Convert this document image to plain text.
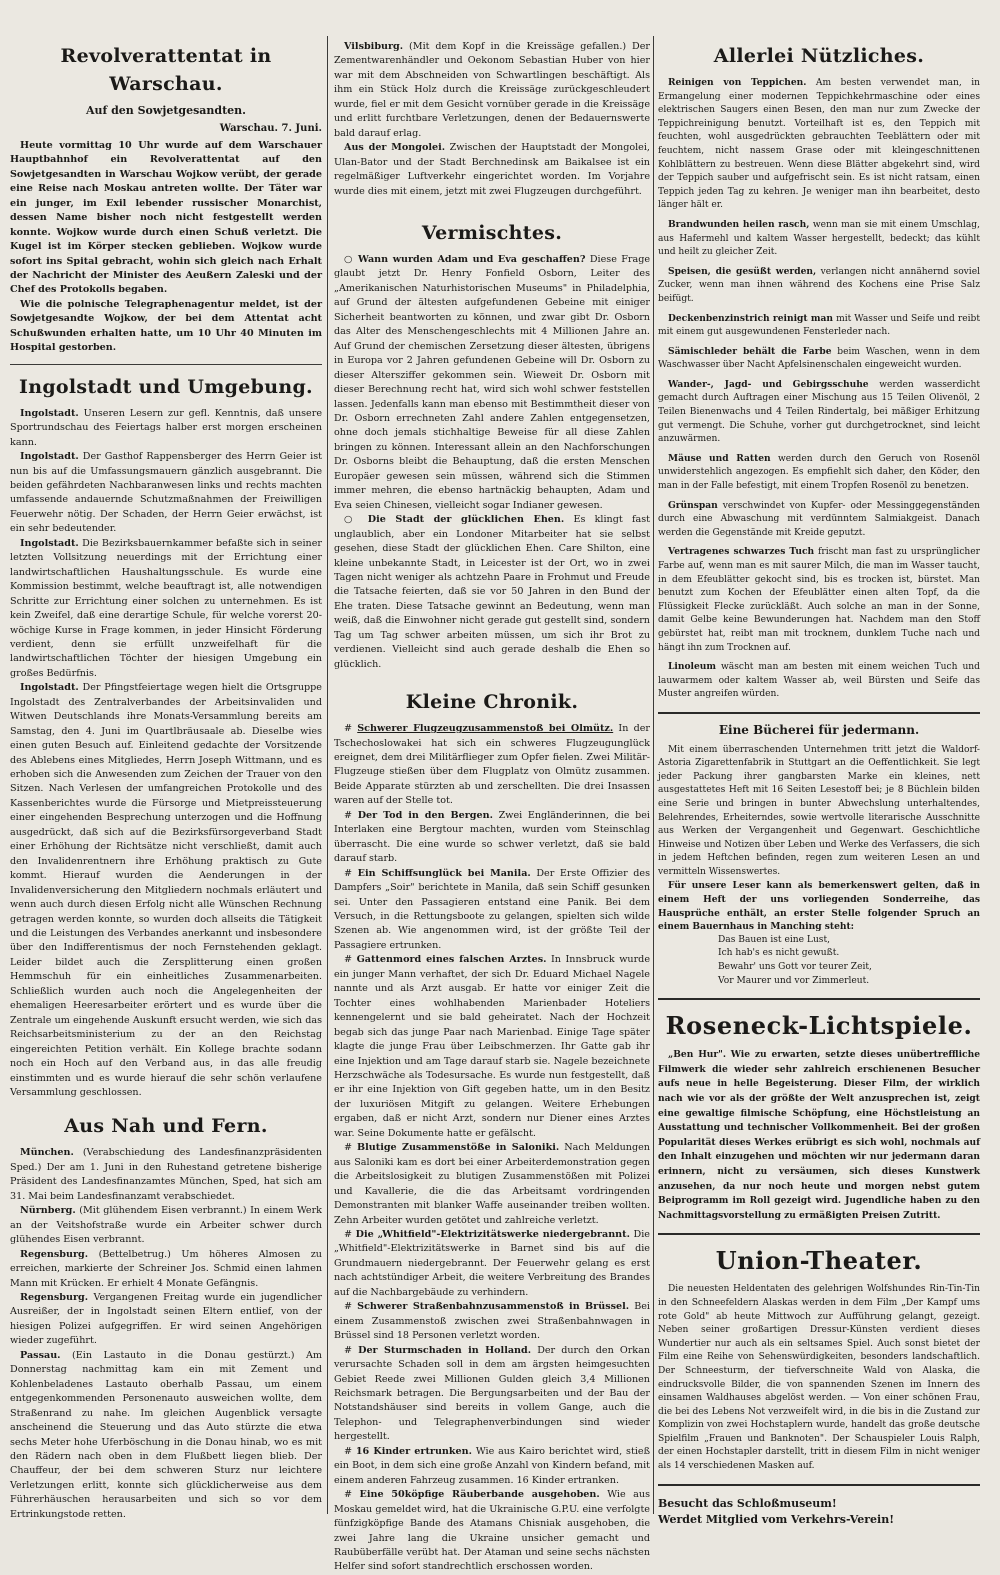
Revolverattentat in Warschau.
Auf den Sowjetgesandten.
Warschau. 7. Juni.

Heute vormittag 10 Uhr wurde auf dem Warschauer Hauptbahnhof ein Revolverattentat auf den Sowjetgesandten in Warschau Wojkow verübt, der gerade eine Reise nach Moskau antreten wollte. Der Täter war ein junger, im Exil lebender russischer Monarchist, dessen Name bisher noch nicht festgestellt werden konnte. Wojkow wurde durch einen Schuß verletzt. Die Kugel ist im Körper stecken geblieben. Wojkow wurde sofort ins Spital gebracht, wohin sich gleich nach Erhalt der Nachricht der Minister des Aeußern Zaleski und der Chef des Protokolls begaben.

Wie die polnische Telegraphenagentur meldet, ist der Sowjetgesandte Wojkow, der bei dem Attentat acht Schußwunden erhalten hatte, um 10 Uhr 40 Minuten im Hospital gestorben.

Ingolstadt und Umgebung.

Ingolstadt. Unseren Lesern zur gefl. Kenntnis, daß unsere Sportrundschau des Feiertags halber erst morgen erscheinen kann.

Ingolstadt. Der Gasthof Rappensberger des Herrn Geier ist nun bis auf die Umfassungsmauern gänzlich ausgebrannt. Die beiden gefährdeten Nachbaranwesen links und rechts machten umfassende andauernde Schutzmaßnahmen der Freiwilligen Feuerwehr nötig. Der Schaden, der Herrn Geier erwächst, ist ein sehr bedeutender.

Ingolstadt. Die Bezirksbauernkammer befaßte sich in seiner letzten Vollsitzung neuerdings mit der Errichtung einer landwirtschaftlichen Haushaltungsschule. Es wurde eine Kommission bestimmt, welche beauftragt ist, alle notwendigen Schritte zur Errichtung einer solchen zu unternehmen. Es ist kein Zweifel, daß eine derartige Schule, für welche vorerst 20-wöchige Kurse in Frage kommen, in jeder Hinsicht Förderung verdient, denn sie erfüllt unzweifelhaft für die landwirtschaftlichen Töchter der hiesigen Umgebung ein großes Bedürfnis.

Ingolstadt. Der Pfingstfeiertage wegen hielt die Ortsgruppe Ingolstadt des Zentralverbandes der Arbeitsinvaliden und Witwen Deutschlands ihre Monats-Versammlung bereits am Samstag, den 4. Juni im Quartlbräusaale ab. Dieselbe wies einen guten Besuch auf. Einleitend gedachte der Vorsitzende des Ablebens eines Mitgliedes, Herrn Joseph Wittmann, und es erhoben sich die Anwesenden zum Zeichen der Trauer von den Sitzen. Nach Verlesen der umfangreichen Protokolle und des Kassenberichtes wurde die Fürsorge und Mietpreissteuerung einer eingehenden Besprechung unterzogen und die Hoffnung ausgedrückt, daß sich auf die Bezirksfürsorgeverband Stadt einer Erhöhung der Richtsätze nicht verschließt, damit auch den Invalidenrentnern ihre Erhöhung praktisch zu Gute kommt. Hierauf wurden die Aenderungen in der Invalidenversicherung den Mitgliedern nochmals erläutert und wenn auch durch diesen Erfolg nicht alle Wünschen Rechnung getragen werden konnte, so wurden doch allseits die Tätigkeit und die Leistungen des Verbandes anerkannt und insbesondere über den Indifferentismus der noch Fernstehenden geklagt. Leider bildet auch die Zersplitterung einen großen Hemmschuh für ein einheitliches Zusammenarbeiten. Schließlich wurden auch noch die Angelegenheiten der ehemaligen Heeresarbeiter erörtert und es wurde über die Zentrale um eingehende Auskunft ersucht werden, wie sich das Reichsarbeitsministerium zu der an den Reichstag eingereichten Petition verhält. Ein Kollege brachte sodann noch ein Hoch auf den Verband aus, in das alle freudig einstimmten und es wurde hierauf die sehr schön verlaufene Versammlung geschlossen.

Aus Nah und Fern.

München. (Verabschiedung des Landesfinanzpräsidenten Sped.) Der am 1. Juni in den Ruhestand getretene bisherige Präsident des Landesfinanzamtes München, Sped, hat sich am 31. Mai beim Landesfinanzamt verabschiedet.

Nürnberg. (Mit glühendem Eisen verbrannt.) In einem Werk an der Veitshofstraße wurde ein Arbeiter schwer durch glühendes Eisen verbrannt.

Regensburg. (Bettelbetrug.) Um höheres Almosen zu erreichen, markierte der Schreiner Jos. Schmid einen lahmen Mann mit Krücken. Er erhielt 4 Monate Gefängnis.

Regensburg. Vergangenen Freitag wurde ein jugendlicher Ausreißer, der in Ingolstadt seinen Eltern entlief, von der hiesigen Polizei aufgegriffen. Er wird seinen Angehörigen wieder zugeführt.

Passau. (Ein Lastauto in die Donau gestürzt.) Am Donnerstag nachmittag kam ein mit Zement und Kohlenbeladenes Lastauto oberhalb Passau, um einem entgegenkommenden Personenauto ausweichen wollte, dem Straßenrand zu nahe. Im gleichen Augenblick versagte anscheinend die Steuerung und das Auto stürzte die etwa sechs Meter hohe Uferböschung in die Donau hinab, wo es mit den Rädern nach oben in dem Flußbett liegen blieb. Der Chauffeur, der bei dem schweren Sturz nur leichtere Verletzungen erlitt, konnte sich glücklicherweise aus dem Führerhäuschen herausarbeiten und sich so vor dem Ertrinkungstode retten.

Vilsbiburg. (Mit dem Kopf in die Kreissäge gefallen.) Der Zementwarenhändler und Oekonom Sebastian Huber von hier war mit dem Abschneiden von Schwartlingen beschäftigt. Als ihm ein Stück Holz durch die Kreissäge zurückgeschleudert wurde, fiel er mit dem Gesicht vornüber gerade in die Kreissäge und erlitt furchtbare Verletzungen, denen der Bedauernswerte bald darauf erlag.

Aus der Mongolei. Zwischen der Hauptstadt der Mongolei, Ulan-Bator und der Stadt Berchnedinsk am Baikalsee ist ein regelmäßiger Luftverkehr eingerichtet worden. Im Vorjahre wurde dies mit einem, jetzt mit zwei Flugzeugen durchgeführt.

Vermischtes.

○ Wann wurden Adam und Eva geschaffen? Diese Frage glaubt jetzt Dr. Henry Fonfield Osborn, Leiter des „Amerikanischen Naturhistorischen Museums" in Philadelphia, auf Grund der ältesten aufgefundenen Gebeine mit einiger Sicherheit beantworten zu können, und zwar gibt Dr. Osborn das Alter des Menschengeschlechts mit 4 Millionen Jahre an. Auf Grund der chemischen Zersetzung dieser ältesten, übrigens in Europa vor 2 Jahren gefundenen Gebeine will Dr. Osborn zu dieser Altersziffer gekommen sein. Wieweit Dr. Osborn mit dieser Berechnung recht hat, wird sich wohl schwer feststellen lassen. Jedenfalls kann man ebenso mit Bestimmtheit dieser von Dr. Osborn errechneten Zahl andere Zahlen entgegensetzen, ohne doch jemals stichhaltige Beweise für all diese Zahlen bringen zu können. Interessant allein an den Nachforschungen Dr. Osborns bleibt die Behauptung, daß die ersten Menschen Europäer gewesen sein müssen, während sich die Stimmen immer mehren, die ebenso hartnäckig behaupten, Adam und Eva seien Chinesen, vielleicht sogar Indianer gewesen.

○ Die Stadt der glücklichen Ehen. Es klingt fast unglaublich, aber ein Londoner Mitarbeiter hat sie selbst gesehen, diese Stadt der glücklichen Ehen. Care Shilton, eine kleine unbekannte Stadt, in Leicester ist der Ort, wo in zwei Tagen nicht weniger als achtzehn Paare in Frohmut und Freude die Tatsache feierten, daß sie vor 50 Jahren in den Bund der Ehe traten. Diese Tatsache gewinnt an Bedeutung, wenn man weiß, daß die Einwohner nicht gerade gut gestellt sind, sondern Tag um Tag schwer arbeiten müssen, um sich ihr Brot zu verdienen. Vielleicht sind auch gerade deshalb die Ehen so glücklich.

Kleine Chronik.

# Schwerer Flugzeugzusammenstoß bei Olmütz. In der Tschechoslowakei hat sich ein schweres Flugzeugunglück ereignet, dem drei Militärflieger zum Opfer fielen. Zwei Militär-Flugzeuge stießen über dem Flugplatz von Olmütz zusammen. Beide Apparate stürzten ab und zerschellten. Die drei Insassen waren auf der Stelle tot.

# Der Tod in den Bergen. Zwei Engländerinnen, die bei Interlaken eine Bergtour machten, wurden vom Steinschlag überrascht. Die eine wurde so schwer verletzt, daß sie bald darauf starb.

# Ein Schiffsunglück bei Manila. Der Erste Offizier des Dampfers „Soir" berichtete in Manila, daß sein Schiff gesunken sei. Unter den Passagieren entstand eine Panik. Bei dem Versuch, in die Rettungsboote zu gelangen, spielten sich wilde Szenen ab. Wie angenommen wird, ist der größte Teil der Passagiere ertrunken.

# Gattenmord eines falschen Arztes. In Innsbruck wurde ein junger Mann verhaftet, der sich Dr. Eduard Michael Nagele nannte und als Arzt ausgab. Er hatte vor einiger Zeit die Tochter eines wohlhabenden Marienbader Hoteliers kennengelernt und sie bald geheiratet. Nach der Hochzeit begab sich das junge Paar nach Marienbad. Einige Tage später klagte die junge Frau über Leibschmerzen. Ihr Gatte gab ihr eine Injektion und am Tage darauf starb sie. Nagele bezeichnete Herzschwäche als Todesursache. Es wurde nun festgestellt, daß er ihr eine Injektion von Gift gegeben hatte, um in den Besitz der luxuriösen Mitgift zu gelangen. Weitere Erhebungen ergaben, daß er nicht Arzt, sondern nur Diener eines Arztes war. Seine Dokumente hatte er gefälscht.

# Blutige Zusammenstöße in Saloniki. Nach Meldungen aus Saloniki kam es dort bei einer Arbeiterdemonstration gegen die Arbeitslosigkeit zu blutigen Zusammenstößen mit Polizei und Kavallerie, die die das Arbeitsamt vordringenden Demonstranten mit blanker Waffe auseinander treiben wollten. Zehn Arbeiter wurden getötet und zahlreiche verletzt.

# Die „Whitfield"-Elektrizitätswerke niedergebrannt. Die „Whitfield"-Elektrizitätswerke in Barnet sind bis auf die Grundmauern niedergebrannt. Der Feuerwehr gelang es erst nach achtstündiger Arbeit, die weitere Verbreitung des Brandes auf die Nachbargebäude zu verhindern.

# Schwerer Straßenbahnzusammenstoß in Brüssel. Bei einem Zusammenstoß zwischen zwei Straßenbahnwagen in Brüssel sind 18 Personen verletzt worden.

# Der Sturmschaden in Holland. Der durch den Orkan verursachte Schaden soll in dem am ärgsten heimgesuchten Gebiet Reede zwei Millionen Gulden gleich 3,4 Millionen Reichsmark betragen. Die Bergungsarbeiten und der Bau der Notstandshäuser sind bereits in vollem Gange, auch die Telephon- und Telegraphenverbindungen sind wieder hergestellt.

# 16 Kinder ertrunken. Wie aus Kairo berichtet wird, stieß ein Boot, in dem sich eine große Anzahl von Kindern befand, mit einem anderen Fahrzeug zusammen. 16 Kinder ertranken.

# Eine 50köpfige Räuberbande ausgehoben. Wie aus Moskau gemeldet wird, hat die Ukrainische G.P.U. eine verfolgte fünfzigköpfige Bande des Atamans Chisniak ausgehoben, die zwei Jahre lang die Ukraine unsicher gemacht und Raubüberfälle verübt hat. Der Ataman und seine sechs nächsten Helfer sind sofort standrechtlich erschossen worden.

Allerlei Nützliches.

Reinigen von Teppichen. Am besten verwendet man, in Ermangelung einer modernen Teppichkehrmaschine oder eines elektrischen Saugers einen Besen, den man nur zum Zwecke der Teppichreinigung benutzt. Vorteilhaft ist es, den Teppich mit feuchten, wohl ausgedrückten gebrauchten Teeblättern oder mit feuchtem, nicht nassem Grase oder mit kleingeschnittenen Kohlblättern zu bestreuen. Wenn diese Blätter abgekehrt sind, wird der Teppich sauber und aufgefrischt sein. Es ist nicht ratsam, einen Teppich jeden Tag zu kehren. Je weniger man ihn bearbeitet, desto länger hält er.

Brandwunden heilen rasch, wenn man sie mit einem Umschlag, aus Hafermehl und kaltem Wasser hergestellt, bedeckt; das kühlt und heilt zu gleicher Zeit.

Speisen, die gesüßt werden, verlangen nicht annähernd soviel Zucker, wenn man ihnen während des Kochens eine Prise Salz beifügt.

Deckenbenzinstrich reinigt man mit Wasser und Seife und reibt mit einem gut ausgewundenen Fensterleder nach.

Sämischleder behält die Farbe beim Waschen, wenn in dem Waschwasser über Nacht Apfelsinenschalen eingeweicht wurden.

Wander-, Jagd- und Gebirgsschuhe werden wasserdicht gemacht durch Auftragen einer Mischung aus 15 Teilen Olivenöl, 2 Teilen Bienenwachs und 4 Teilen Rindertalg, bei mäßiger Erhitzung gut vermengt. Die Schuhe, vorher gut durchgetrocknet, sind leicht anzuwärmen.

Mäuse und Ratten werden durch den Geruch von Rosenöl unwiderstehlich angezogen. Es empfiehlt sich daher, den Köder, den man in der Falle befestigt, mit einem Tropfen Rosenöl zu benetzen.

Grünspan verschwindet von Kupfer- oder Messinggegenständen durch eine Abwaschung mit verdünntem Salmiakgeist. Danach werden die Gegenstände mit Kreide geputzt.

Vertragenes schwarzes Tuch frischt man fast zu ursprünglicher Farbe auf, wenn man es mit saurer Milch, die man im Wasser taucht, in dem Efeublätter gekocht sind, bis es trocken ist, bürstet. Man benutzt zum Kochen der Efeublätter einen alten Topf, da die Flüssigkeit Flecke zurückläßt. Auch solche an man in der Sonne, damit Gelbe keine Bewunderungen hat. Nachdem man den Stoff gebürstet hat, reibt man mit trocknem, dunklem Tuche nach und hängt ihn zum Trocknen auf.

Linoleum wäscht man am besten mit einem weichen Tuch und lauwarmem oder kaltem Wasser ab, weil Bürsten und Seife das Muster angreifen würden.

Eine Bücherei für jedermann.

Mit einem überraschenden Unternehmen tritt jetzt die Waldorf-Astoria Zigarettenfabrik in Stuttgart an die Oeffentlichkeit. Sie legt jeder Packung ihrer gangbarsten Marke ein kleines, nett ausgestattetes Heft mit 16 Seiten Lesestoff bei; je 8 Büchlein bilden eine Serie und bringen in bunter Abwechslung unterhaltendes, Belehrendes, Erheiterndes, sowie wertvolle literarische Ausschnitte aus Werken der Vergangenheit und Gegenwart. Geschichtliche Hinweise und Notizen über Leben und Werke des Verfassers, die sich in jedem Heftchen befinden, regen zum weiteren Lesen an und vermitteln Wissenswertes.

Für unsere Leser kann als bemerkenswert gelten, daß in einem Heft der uns vorliegenden Sonderreihe, das Hausprüche enthält, an erster Stelle folgender Spruch an einem Bauernhaus in Manching steht:

Das Bauen ist eine Lust,

Ich hab's es nicht gewußt.

Bewahr' uns Gott vor teurer Zeit,

Vor Maurer und vor Zimmerleut.

Roseneck-Lichtspiele.

„Ben Hur". Wie zu erwarten, setzte dieses unübertreffliche Filmwerk die wieder sehr zahlreich erschienenen Besucher aufs neue in helle Begeisterung. Dieser Film, der wirklich nach wie vor als der größte der Welt anzusprechen ist, zeigt eine gewaltige filmische Schöpfung, eine Höchstleistung an Ausstattung und technischer Vollkommenheit. Bei der großen Popularität dieses Werkes erübrigt es sich wohl, nochmals auf den Inhalt einzugehen und möchten wir nur jedermann daran erinnern, nicht zu versäumen, sich dieses Kunstwerk anzusehen, da nur noch heute und morgen nebst gutem Beiprogramm im Roll gezeigt wird. Jugendliche haben zu den Nachmittagsvorstellung zu ermäßigten Preisen Zutritt.

Union-Theater.

Die neuesten Heldentaten des gelehrigen Wolfshundes Rin-Tin-Tin in den Schneefeldern Alaskas werden in dem Film „Der Kampf ums rote Gold" ab heute Mittwoch zur Aufführung gelangt, gezeigt. Neben seiner großartigen Dressur-Künsten verdient dieses Wundertier nur auch als ein seltsames Spiel. Auch sonst bietet der Film eine Reihe von Sehenswürdigkeiten, besonders landschaftlich. Der Schneesturm, der tiefverschneite Wald von Alaska, die eindrucksvolle Bilder, die von spannenden Szenen im Innern des einsamen Waldhauses abgelöst werden. — Von einer schönen Frau, die bei des Lebens Not verzweifelt wird, in die bis in die Zustand zur Komplizin von zwei Hochstaplern wurde, handelt das große deutsche Spielfilm „Frauen und Banknoten". Der Schauspieler Louis Ralph, der einen Hochstapler darstellt, tritt in diesem Film in nicht weniger als 14 verschiedenen Masken auf.

Besucht das Schloßmuseum!

Werdet Mitglied vom Verkehrs-Verein!
